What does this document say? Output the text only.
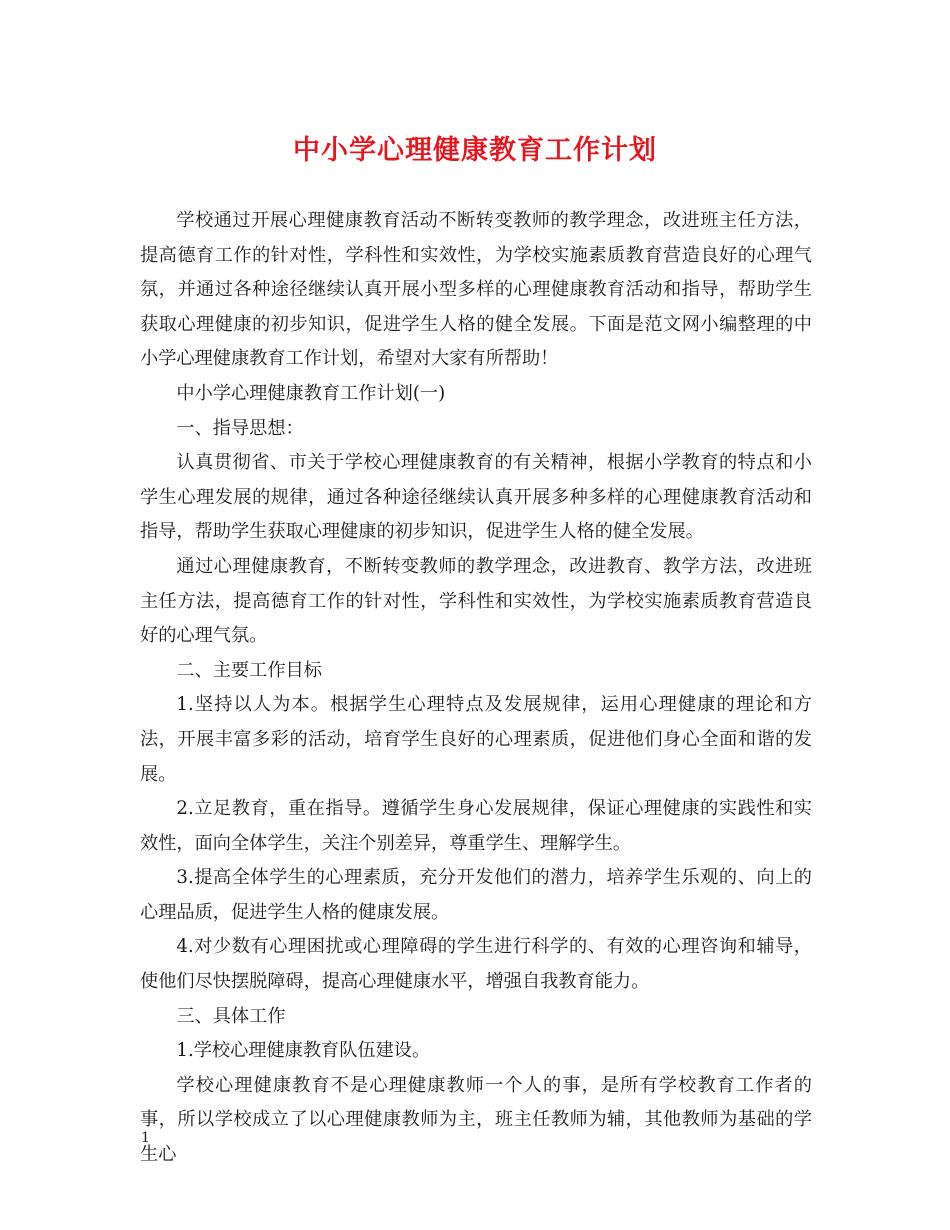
中小学心理健康教育工作计划

学校通过开展心理健康教育活动不断转变教师的教学理念，改进班主任方法，提高德育工作的针对性，学科性和实效性，为学校实施素质教育营造良好的心理气氛，并通过各种途径继续认真开展小型多样的心理健康教育活动和指导，帮助学生获取心理健康的初步知识，促进学生人格的健全发展。下面是范文网小编整理的中小学心理健康教育工作计划，希望对大家有所帮助！

中小学心理健康教育工作计划(一)

一、指导思想：

认真贯彻省、市关于学校心理健康教育的有关精神，根据小学教育的特点和小学生心理发展的规律，通过各种途径继续认真开展多种多样的心理健康教育活动和指导，帮助学生获取心理健康的初步知识，促进学生人格的健全发展。

通过心理健康教育，不断转变教师的教学理念，改进教育、教学方法，改进班主任方法，提高德育工作的针对性，学科性和实效性，为学校实施素质教育营造良好的心理气氛。

二、主要工作目标

1.坚持以人为本。根据学生心理特点及发展规律，运用心理健康的理论和方法，开展丰富多彩的活动，培育学生良好的心理素质，促进他们身心全面和谐的发展。

2.立足教育，重在指导。遵循学生身心发展规律，保证心理健康的实践性和实效性，面向全体学生，关注个别差异，尊重学生、理解学生。

3.提高全体学生的心理素质，充分开发他们的潜力，培养学生乐观的、向上的心理品质，促进学生人格的健康发展。

4.对少数有心理困扰或心理障碍的学生进行科学的、有效的心理咨询和辅导，使他们尽快摆脱障碍，提高心理健康水平，增强自我教育能力。

三、具体工作

1.学校心理健康教育队伍建设。

学校心理健康教育不是心理健康教师一个人的事，是所有学校教育工作者的事，所以学校成立了以心理健康教师为主，班主任教师为辅，其他教师为基础的学生心

1
